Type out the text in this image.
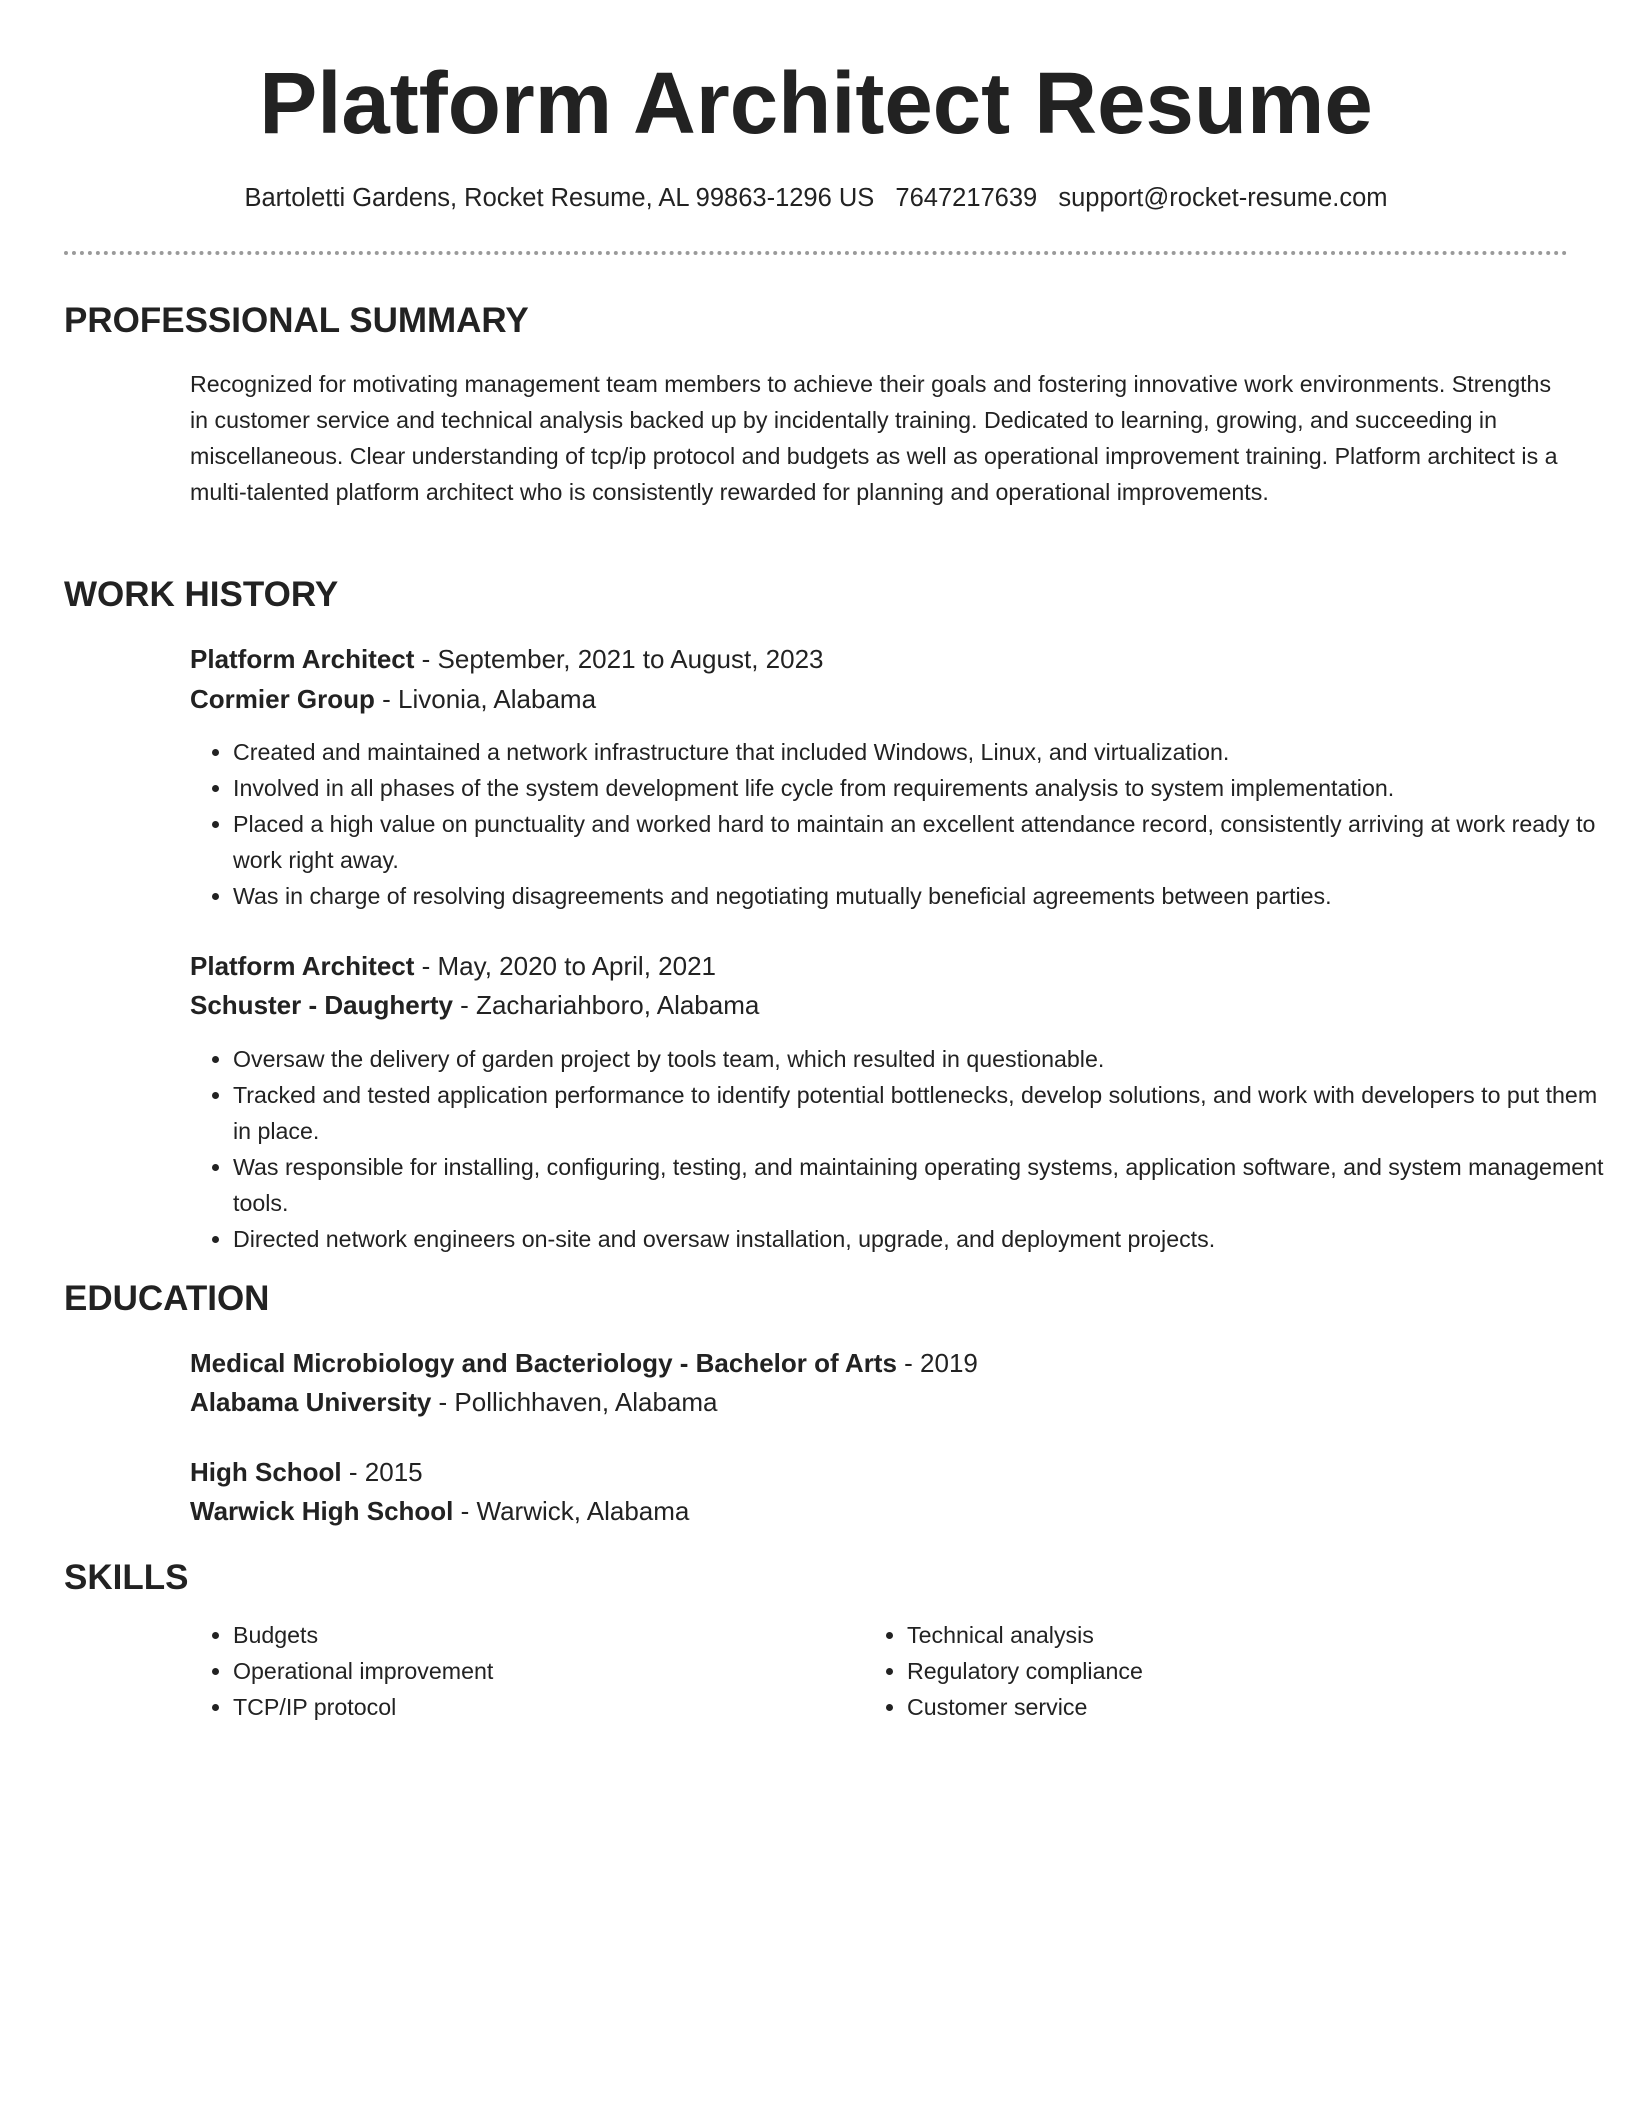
Platform Architect Resume
Bartoletti Gardens, Rocket Resume, AL 99863-1296 US 7647217639 support@rocket-resume.com
PROFESSIONAL SUMMARY

Recognized for motivating management team members to achieve their goals and fostering innovative work environments. Strengths in customer service and technical analysis backed up by incidentally training. Dedicated to learning, growing, and succeeding in miscellaneous. Clear understanding of tcp/ip protocol and budgets as well as operational improvement training. Platform architect is a multi-talented platform architect who is consistently rewarded for planning and operational improvements.

WORK HISTORY
Platform Architect - September, 2021 to August, 2023
Cormier Group - Livonia, Alabama
• Created and maintained a network infrastructure that included Windows, Linux, and virtualization.
• Involved in all phases of the system development life cycle from requirements analysis to system implementation.
• Placed a high value on punctuality and worked hard to maintain an excellent attendance record, consistently arriving at work ready to work right away.
• Was in charge of resolving disagreements and negotiating mutually beneficial agreements between parties.
Platform Architect - May, 2020 to April, 2021
Schuster - Daugherty - Zachariahboro, Alabama
• Oversaw the delivery of garden project by tools team, which resulted in questionable.
• Tracked and tested application performance to identify potential bottlenecks, develop solutions, and work with developers to put them in place.
• Was responsible for installing, configuring, testing, and maintaining operating systems, application software, and system management tools.
• Directed network engineers on-site and oversaw installation, upgrade, and deployment projects.
EDUCATION
Medical Microbiology and Bacteriology - Bachelor of Arts - 2019
Alabama University - Pollichhaven, Alabama
High School - 2015
Warwick High School - Warwick, Alabama
SKILLS
• Budgets
• Operational improvement
• TCP/IP protocol
• Technical analysis
• Regulatory compliance
• Customer service
